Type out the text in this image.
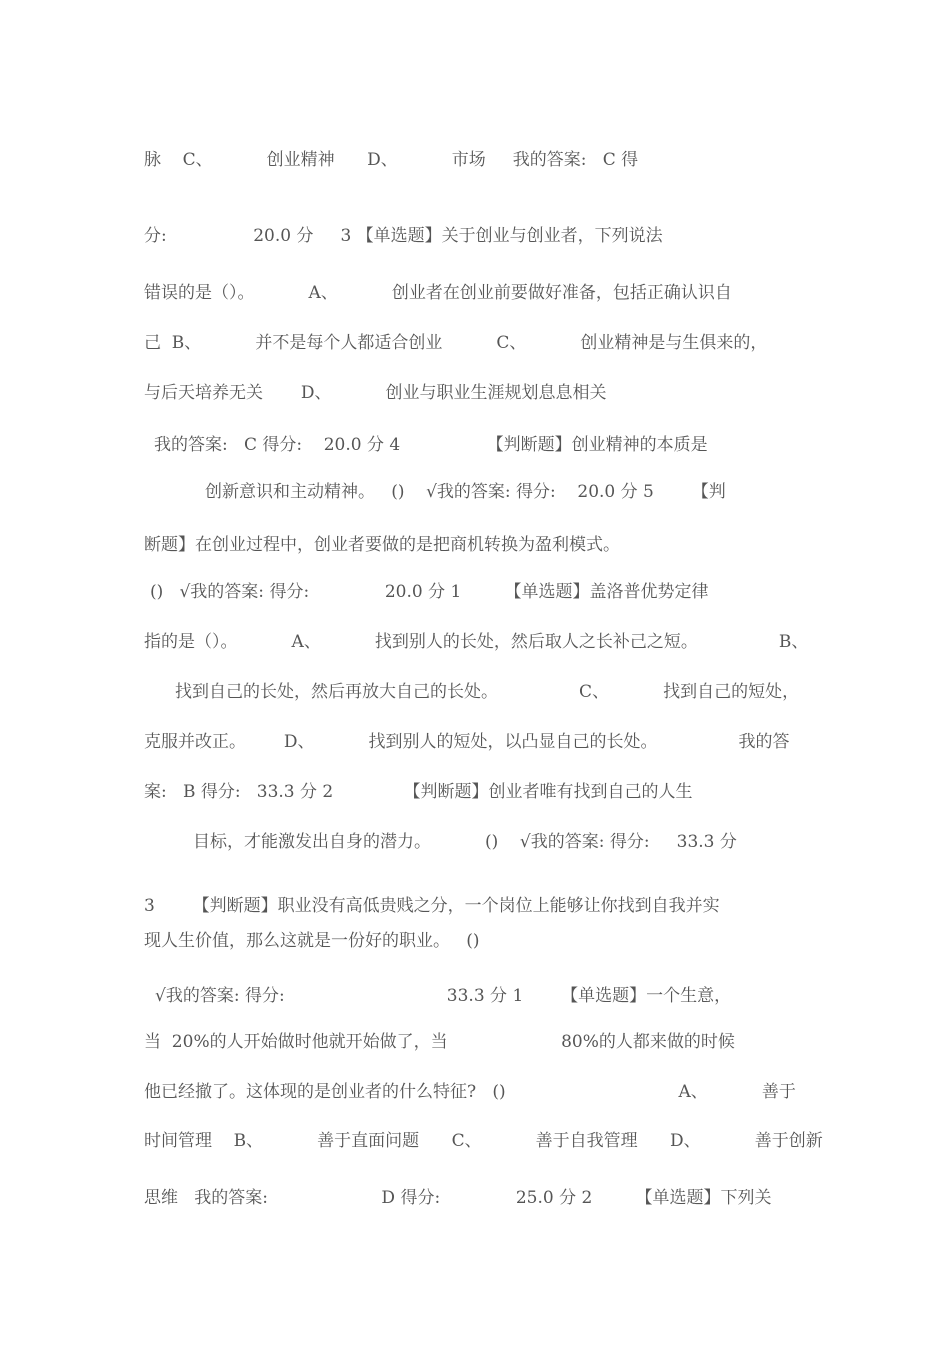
脉    C、          创业精神      D、          市场     我的答案:   C 得
分:                20.0 分     3 【单选题】关于创业与创业者，下列说法
错误的是（）。          A、          创业者在创业前要做好准备，包括正确认识自
己  B、          并不是每个人都适合创业          C、          创业精神是与生俱来的，
与后天培养无关       D、          创业与职业生涯规划息息相关
我的答案:   C 得分:    20.0 分 4                【判断题】创业精神的本质是
创新意识和主动精神。   ()    √我的答案: 得分:    20.0 分 5       【判
断题】在创业过程中，创业者要做的是把商机转换为盈利模式。
()   √我的答案: 得分:              20.0 分 1        【单选题】盖洛普优势定律
指的是（）。          A、          找到别人的长处，然后取人之长补己之短。               B、
找到自己的长处，然后再放大自己的长处。               C、          找到自己的短处，
克服并改正。       D、          找到别人的短处，以凸显自己的长处。               我的答
案:   B 得分:   33.3 分 2             【判断题】创业者唯有找到自己的人生
目标，才能激发出自身的潜力。          ()    √我的答案: 得分:     33.3 分
3       【判断题】职业没有高低贵贱之分，一个岗位上能够让你找到自我并实
现人生价值，那么这就是一份好的职业。   ()
√我的答案: 得分:                              33.3 分 1       【单选题】一个生意，
当  20%的人开始做时他就开始做了，当                     80%的人都来做的时候
他已经撤了。这体现的是创业者的什么特征?   ()                                A、          善于
时间管理    B、          善于直面问题      C、          善于自我管理      D、          善于创新
思维   我的答案:                     D 得分:              25.0 分 2        【单选题】下列关
